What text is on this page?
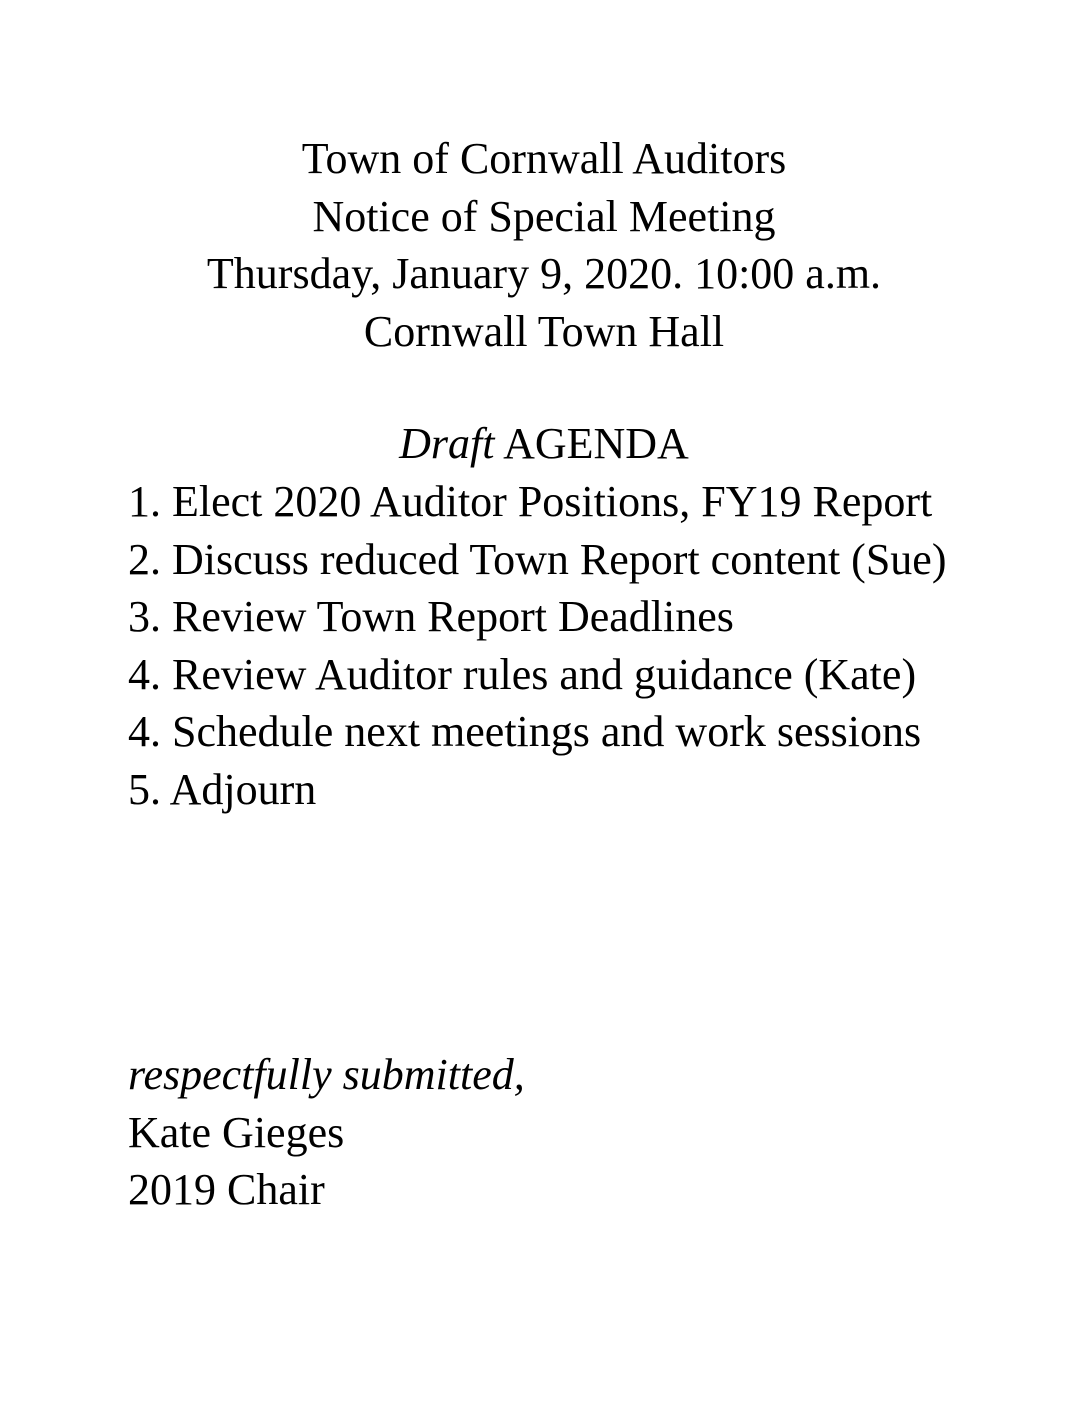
Town of Cornwall Auditors
Notice of Special Meeting
Thursday, January 9, 2020. 10:00 a.m.
Cornwall Town Hall
Draft AGENDA
1. Elect 2020 Auditor Positions, FY19 Report
2. Discuss reduced Town Report content (Sue)
3. Review Town Report Deadlines
4. Review Auditor rules and guidance (Kate)
4. Schedule next meetings and work sessions
5. Adjourn
respectfully submitted,
Kate Gieges
2019 Chair
